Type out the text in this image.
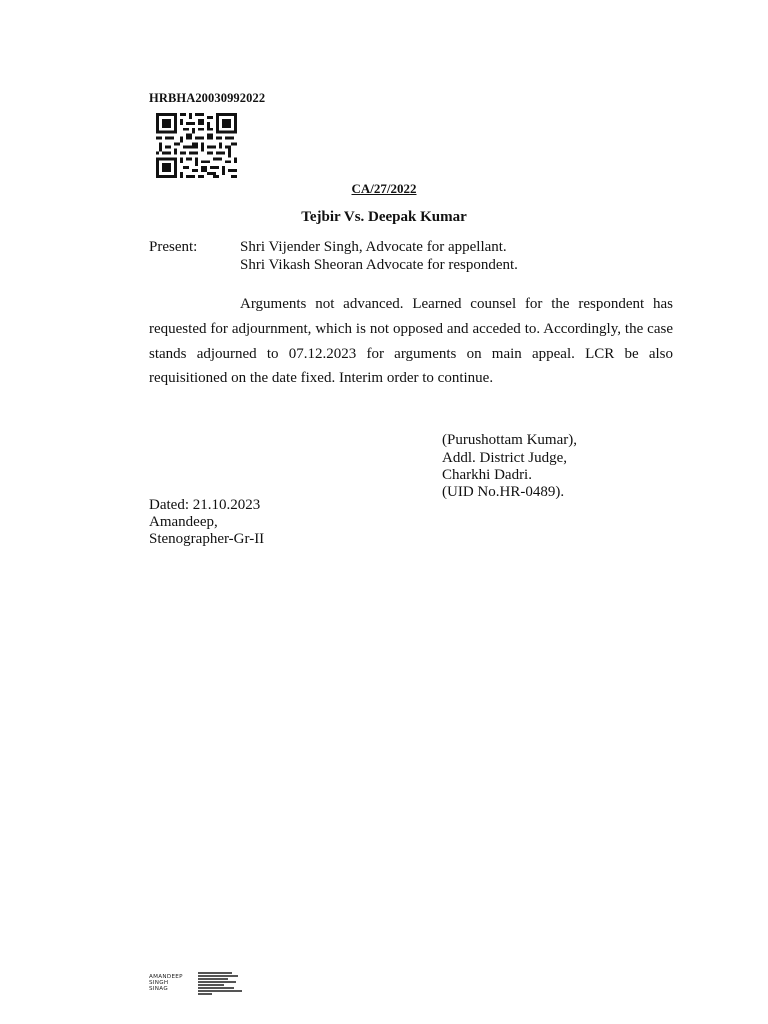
HRBHA20030992022
CA/27/2022
Tejbir Vs. Deepak Kumar
Present:	Shri Vijender Singh, Advocate for appellant.
Shri Vikash Sheoran Advocate for respondent.
Arguments not advanced. Learned counsel for the respondent has requested for adjournment, which is not opposed and acceded to. Accordingly, the case stands adjourned to 07.12.2023 for arguments on main appeal. LCR be also requisitioned on the date fixed. Interim order to continue.
(Purushottam Kumar),
Addl. District Judge,
Charkhi Dadri.
(UID No.HR-0489).
Dated: 21.10.2023
Amandeep,
Stenographer-Gr-II
AMANDEEP
SINGH
SINAG
